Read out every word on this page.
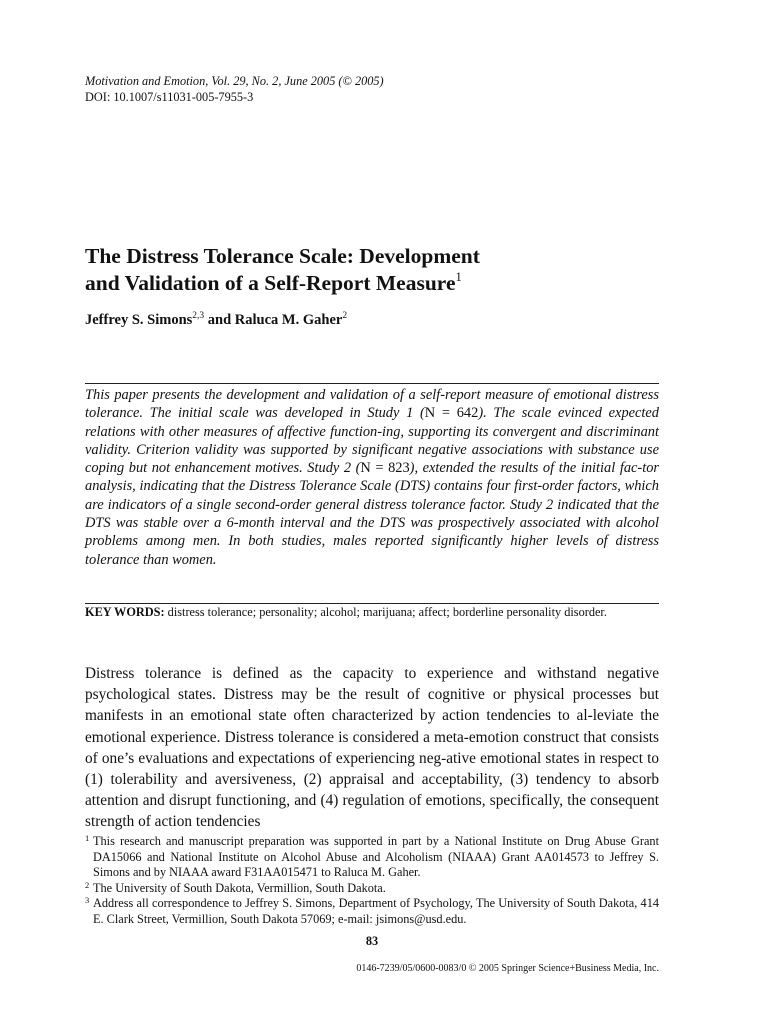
Motivation and Emotion, Vol. 29, No. 2, June 2005 (© 2005)
DOI: 10.1007/s11031-005-7955-3
The Distress Tolerance Scale: Development
and Validation of a Self-Report Measure$^1$
Jeffrey S. Simons$^{2,3}$ and Raluca M. Gaher$^2$

This paper presents the development and validation of a self-report measure of emotional distress tolerance. The initial scale was developed in Study 1 (N = 642). The scale evinced expected relations with other measures of affective function-ing, supporting its convergent and discriminant validity. Criterion validity was supported by significant negative associations with substance use coping but not enhancement motives. Study 2 (N = 823), extended the results of the initial fac-tor analysis, indicating that the Distress Tolerance Scale (DTS) contains four first-order factors, which are indicators of a single second-order general distress tolerance factor. Study 2 indicated that the DTS was stable over a 6-month interval and the DTS was prospectively associated with alcohol problems among men. In both studies, males reported significantly higher levels of distress tolerance than women.

KEY WORDS: distress tolerance; personality; alcohol; marijuana; affect; borderline personality disorder.

Distress tolerance is defined as the capacity to experience and withstand negative psychological states. Distress may be the result of cognitive or physical processes but manifests in an emotional state often characterized by action tendencies to al-leviate the emotional experience. Distress tolerance is considered a meta-emotion construct that consists of one’s evaluations and expectations of experiencing neg-ative emotional states in respect to (1) tolerability and aversiveness, (2) appraisal and acceptability, (3) tendency to absorb attention and disrupt functioning, and (4) regulation of emotions, specifically, the consequent strength of action tendencies

1 This research and manuscript preparation was supported in part by a National Institute on Drug Abuse Grant DA15066 and National Institute on Alcohol Abuse and Alcoholism (NIAAA) Grant AA014573 to Jeffrey S. Simons and by NIAAA award F31AA015471 to Raluca M. Gaher.
2 The University of South Dakota, Vermillion, South Dakota.
3 Address all correspondence to Jeffrey S. Simons, Department of Psychology, The University of South Dakota, 414 E. Clark Street, Vermillion, South Dakota 57069; e-mail: jsimons@usd.edu.
83
0146-7239/05/0600-0083/0 © 2005 Springer Science+Business Media, Inc.
